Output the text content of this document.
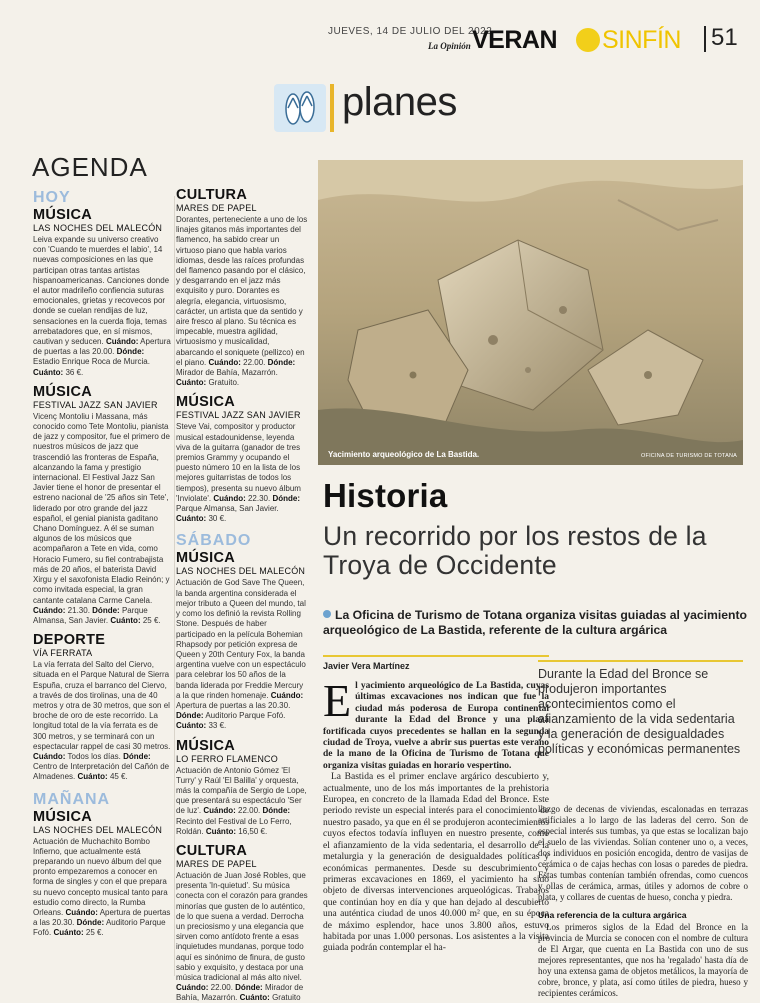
JUEVES, 14 DE JULIO DEL 2022
La Opinión VERAN SINFÍN 51
planes
AGENDA
HOY
MÚSICA
LAS NOCHES DEL MALECÓN
Leiva expande su universo creativo con 'Cuando te muerdes el labio', 14 nuevas composiciones en las que participan otras tantas artistas hispanoamericanas. Canciones donde el autor madrileño confiencia suturas emocionales, grietas y recovecos por donde se cuelan rendijas de luz, sensaciones en la cuerda floja, temas arrebatadores que, en sí mismos, cautivan y seducen. Cuándo: Apertura de puertas a las 20.00. Dónde: Estadio Enrique Roca de Murcia. Cuánto: 36 €.
MÚSICA
FESTIVAL JAZZ SAN JAVIER
Vicenç Montoliu i Massana, más conocido como Tete Montoliu, pianista de jazz y compositor, fue el primero de nuestros músicos de jazz que trascendió las fronteras de España, alcanzando la fama y prestigio internacional. El Festival Jazz San Javier tiene el honor de presentar el estreno nacional de '25 años sin Tete', liderado por otro grande del jazz español, el genial pianista gaditano Chano Domínguez. A él se suman algunos de los músicos que acompañaron a Tete en vida, como Horacio Fumero, su fiel contrabajista más de 20 años, el baterista David Xirgu y el saxofonista Eladio Reinón; y como invitada especial, la gran cantante catalana Carme Canela. Cuándo: 21.30. Dónde: Parque Almansa, San Javier. Cuánto: 25 €.
DEPORTE
VÍA FERRATA
La vía ferrata del Salto del Ciervo, situada en el Parque Natural de Sierra Espuña, cruza el barranco del Ciervo, a través de dos tirolinas, una de 40 metros y otra de 30 metros, que son el broche de oro de este recorrido. La longitud total de la vía ferrata es de 300 metros, y se terminará con un espectacular rappel de casi 30 metros. Cuándo: Todos los días. Dónde: Centro de Interpretación del Cañón de Almadenes. Cuánto: 45 €.
MAÑANA
MÚSICA
LAS NOCHES DEL MALECÓN
Actuación de Muchachito Bombo Infierno, que actualmente está preparando un nuevo álbum del que pronto empezaremos a conocer en forma de singles y con el que prepara su nuevo concepto musical tanto para estudio como directo, la Rumba Orleans. Cuándo: Apertura de puertas a las 20.30. Dónde: Auditorio Parque Fofó. Cuánto: 25 €.
CULTURA
MARES DE PAPEL
Dorantes, perteneciente a uno de los linajes gitanos más importantes del flamenco, ha sabido crear un virtuoso piano que habla varios idiomas, desde las raíces profundas del flamenco pasando por el clásico, y desgarrando en el jazz más exquisito y puro. Dorantes es alegría, elegancia, virtuosismo, carácter, un artista que da sentido y aire fresco al plano. Su técnica es impecable, muestra agilidad, virtuosismo y musicalidad, abarcando el soniquete (pellizco) en el piano. Cuándo: 22.00. Dónde: Mirador de Bahía, Mazarrón. Cuánto: Gratuito.
MÚSICA
FESTIVAL JAZZ SAN JAVIER
Steve Vai, compositor y productor musical estadounidense, leyenda viva de la guitarra (ganador de tres premios Grammy y ocupando el puesto número 10 en la lista de los mejores guitarristas de todos los tiempos), presenta su nuevo álbum 'Inviolate'. Cuándo: 22.30. Dónde: Parque Almansa, San Javier. Cuánto: 30 €.
SÁBADO
MÚSICA
LAS NOCHES DEL MALECÓN
Actuación de God Save The Queen, la banda argentina considerada el mejor tributo a Queen del mundo, tal y como los definió la revista Rolling Stone. Después de haber participado en la película Bohemian Rhapsody por petición expresa de Queen y 20th Century Fox, la banda argentina vuelve con un espectáculo para celebrar los 50 años de la banda liderada por Freddie Mercury a la que rinden homenaje. Cuándo: Apertura de puertas a las 20.30. Dónde: Auditorio Parque Fofó. Cuánto: 33 €.
MÚSICA
LO FERRO FLAMENCO
Actuación de Antonio Gómez 'El Turry' y Raúl 'El Balilla' y orquesta, más la compañía de Sergio de Lope, que presentará su espectáculo 'Ser de luz'. Cuándo: 22.00. Dónde: Recinto del Festival de Lo Ferro, Roldán. Cuánto: 16,50 €.
CULTURA
MARES DE PAPEL
Actuación de Juan José Robles, que presenta 'In-quietud'. Su música conecta con el corazón para grandes minorías que gusten de lo auténtico, de lo que suena a verdad. Derrocha un preciosismo y una elegancia que sirven como antídoto frente a esas inquietudes mundanas, porque todo aquí es sinónimo de finura, de gusto sabio y exquisito, y destaca por una música tradicional al más alto nivel. Cuándo: 22.00. Dónde: Mirador de Bahía, Mazarrón. Cuánto: Gratuito
Yacimiento arqueológico de La Bastida.	OFICINA DE TURISMO DE TOTANA
Historia
Un recorrido por los restos de la Troya de Occidente
La Oficina de Turismo de Totana organiza visitas guiadas al yacimiento arqueológico de La Bastida, referente de la cultura argárica
Javier Vera Martínez

El yacimiento arqueológico de La Bastida, cuyas últimas excavaciones nos indican que fue la ciudad más poderosa de Europa continental durante la Edad del Bronce y una plaza fortificada cuyos precedentes se hallan en la segunda ciudad de Troya, vuelve a abrir sus puertas este verano de la mano de la Oficina de Turismo de Totana que organiza visitas guiadas en horario vespertino.

La Bastida es el primer enclave argárico descubierto y, actualmente, uno de los más importantes de la prehistoria Europea, en concreto de la llamada Edad del Bronce. Este periodo reviste un especial interés para el conocimiento de nuestro pasado, ya que en él se produjeron acontecimientos cuyos efectos todavía influyen en nuestro presente, como el afianzamiento de la vida sedentaria, el desarrollo de la metalurgia y la generación de desigualdades políticas y económicas permanentes. Desde su descubrimiento y primeras excavaciones en 1869, el yacimiento ha sido objeto de diversas intervenciones arqueológicas. Trabajos que continúan hoy en día y que han dejado al descubierto una auténtica ciudad de unos 40.000 m² que, en su época de máximo esplendor, hace unos 3.800 años, estuvo habitada por unas 1.000 personas. Los asistentes a la visita guiada podrán contemplar el ha-

Durante la Edad del Bronce se produjeron importantes acontecimientos como el afianzamiento de la vida sedentaria y la generación de desigualdades políticas y económicas permanentes

llazgo de decenas de viviendas, escalonadas en terrazas artificiales a lo largo de las laderas del cerro. Son de especial interés sus tumbas, ya que estas se localizan bajo el suelo de las viviendas. Solían contener uno o, a veces, dos individuos en posición encogida, dentro de vasijas de cerámica o de cajas hechas con losas o paredes de piedra. Estas tumbas contenían también ofrendas, como cuencos y ollas de cerámica, armas, útiles y adornos de cobre o plata, y collares de cuentas de hueso, concha y piedra.

Una referencia de la cultura argárica

Los primeros siglos de la Edad del Bronce en la provincia de Murcia se conocen con el nombre de cultura de El Argar, que cuenta en La Bastida con uno de sus mejores representantes, que nos ha 'regalado' hasta día de hoy una extensa gama de objetos metálicos, la mayoría de cobre, bronce, y plata, así como útiles de piedra, hueso y recipientes cerámicos.
